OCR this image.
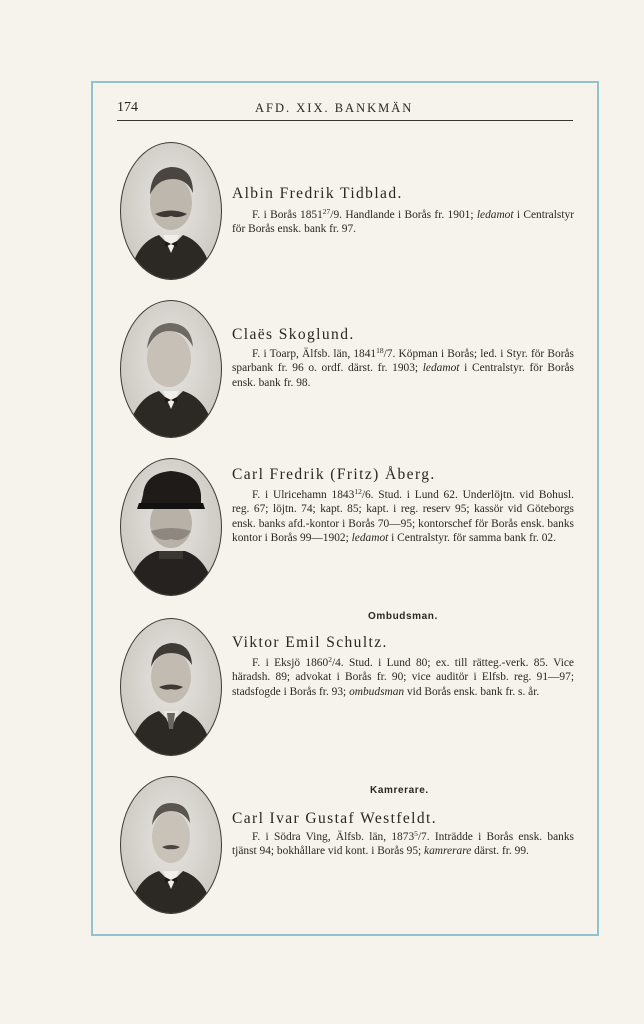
174	AFD. XIX. BANKMÄN
Albin Fredrik Tidblad.

F. i Borås 1851$^{27}$/9. Handlande i Borås fr. 1901; ledamot i Centralstyr för Borås ensk. bank fr. 97.

Claës Skoglund.

F. i Toarp, Älfsb. län, 1841$^{18}$/7. Köpman i Borås; led. i Styr. för Borås sparbank fr. 96 o. ordf. därst. fr. 1903; ledamot i Centralstyr. för Borås ensk. bank fr. 98.

Carl Fredrik (Fritz) Åberg.

F. i Ulricehamn 1843$^{12}$/6. Stud. i Lund 62. Underlöjtn. vid Bohusl. reg. 67; löjtn. 74; kapt. 85; kapt. i reg. reserv 95; kassör vid Göteborgs ensk. banks afd.-kontor i Borås 70—95; kontorschef för Borås ensk. banks kontor i Borås 99—1902; ledamot i Centralstyr. för samma bank fr. 02.

Ombudsman.
Viktor Emil Schultz.

F. i Eksjö 1860$^2$/4. Stud. i Lund 80; ex. till rätteg.-verk. 85. Vice häradsh. 89; advokat i Borås fr. 90; vice auditör i Elfsb. reg. 91—97; stadsfogde i Borås fr. 93; ombudsman vid Borås ensk. bank fr. s. år.

Kamrerare.
Carl Ivar Gustaf Westfeldt.

F. i Södra Ving, Älfsb. län, 1873$^5$/7. Inträdde i Borås ensk. banks tjänst 94; bokhållare vid kont. i Borås 95; kamrerare därst. fr. 99.
